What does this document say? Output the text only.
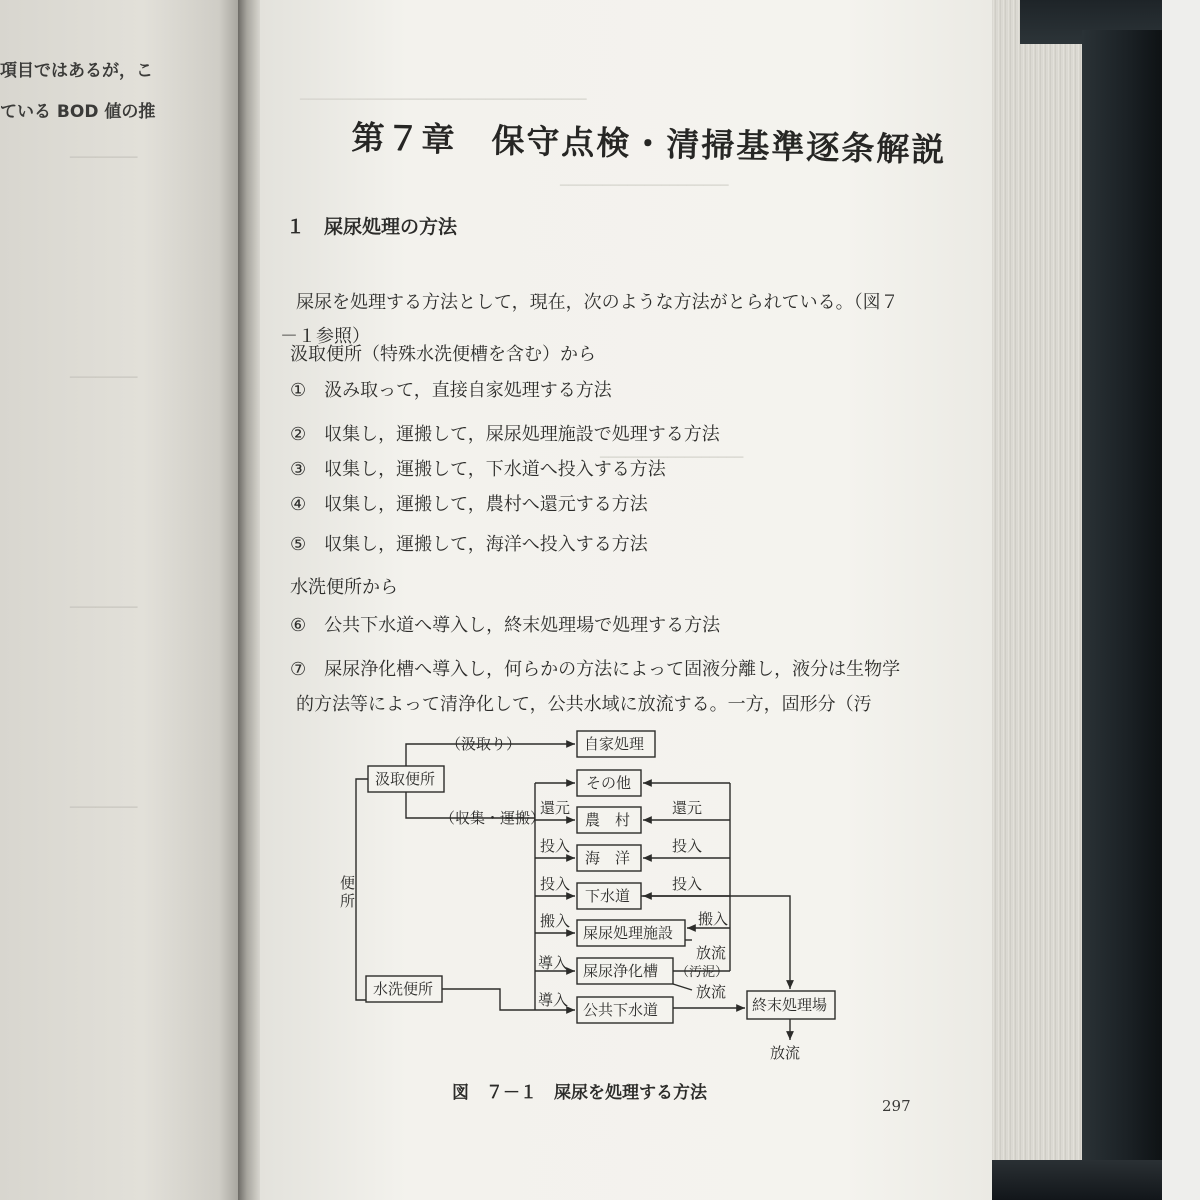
項目ではあるが，こ
ている BOD 値の推
────────
────────
────────
────────
──────────────────────────────────
────────────────────
─────────────────
第７章　保守点検・清掃基準逐条解説
１　屎尿処理の方法
屎尿を処理する方法として，現在，次のような方法がとられている。（図７
－１参照）
汲取便所（特殊水洗便槽を含む）から
①　汲み取って，直接自家処理する方法
②　収集し，運搬して，屎尿処理施設で処理する方法
③　収集し，運搬して，下水道へ投入する方法
④　収集し，運搬して，農村へ還元する方法
⑤　収集し，運搬して，海洋へ投入する方法
水洗便所から
⑥　公共下水道へ導入し，終末処理場で処理する方法
⑦　屎尿浄化槽へ導入し，何らかの方法によって固液分離し，液分は生物学
的方法等によって清浄化して，公共水域に放流する。一方，固形分（汚
便所
汲取便所
水洗便所
自家処理
その他
農　村
海　洋
下水道
屎尿処理施設
屎尿浄化槽
公共下水道	終末処理場
（汲取り）
（収集・運搬）
還元	還元
投入	投入
投入	投入
搬入	搬入
放流
（汚泥）
導入
導入	放流
放流
図　７－１　屎尿を処理する方法
297
